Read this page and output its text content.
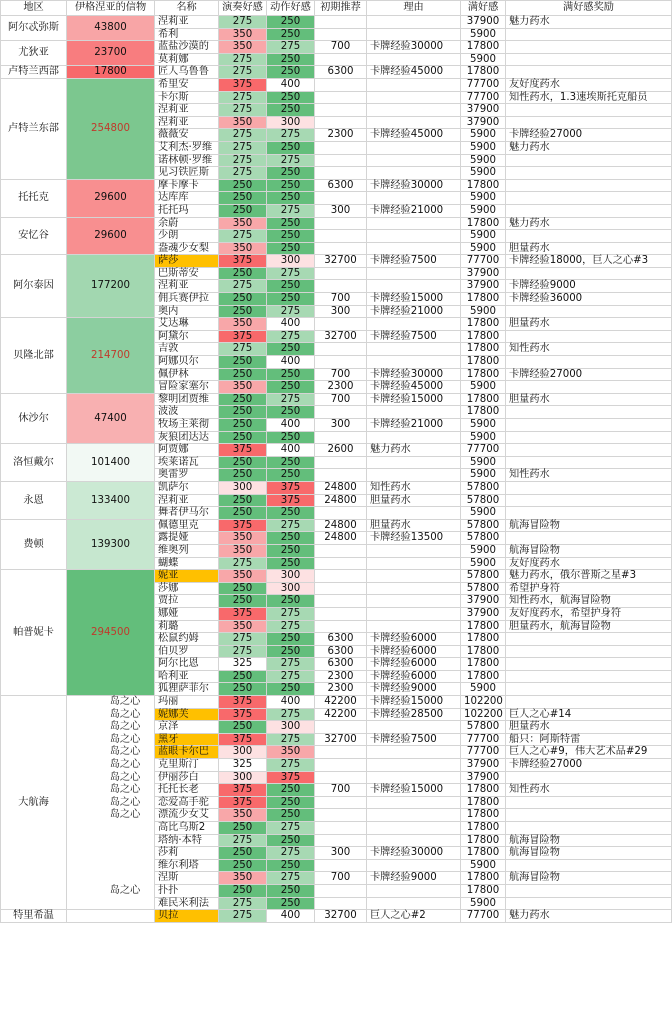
地区	伊格涅亚的信物	名称	演奏好感	动作好感	初期推荐	理由	满好感	满好感奖励
阿尔忒弥斯	43800	涅莉亚	275	250			37900	魅力药水
		希利	350	250			5900	
尤狄亚	23700	蓝盐沙漠的	350	275	700	卡牌经验30000	17800	
		莫莉娜	275	250			5900	
卢特兰西部	17800	匠人乌鲁鲁	275	250	6300	卡牌经验45000	17800	
卢特兰东部	254800	希里安	375	400			77700	友好度药水
		卡尔斯	275	250			77700	知性药水，1.3速埃斯托克船员
		涅莉亚	275	250			37900	
		涅莉亚	350	300			37900	
		薇薇安	275	275	2300	卡牌经验45000	5900	卡牌经验27000
		艾利杰·罗维	275	250			5900	魅力药水
		诺林顿·罗维	275	275			5900	
		见习铁匠斯	275	250			5900	
托托克	29600	摩卡摩卡	250	250	6300	卡牌经验30000	17800	
		达库库	250	250			5900	
		托托玛	250	275	300	卡牌经验21000	5900	
安忆谷	29600	余蔚	350	250			17800	魅力药水
		少朗	275	250			5900	
		盎魂少女梨	350	250			5900	胆量药水
阿尔泰因	177200	萨莎	375	300	32700	卡牌经验7500	77700	卡牌经验18000，巨人之心#3
		巴斯蒂安	250	275			37900	
		涅莉亚	275	250			37900	卡牌经验9000
		佣兵赛伊拉	250	250	700	卡牌经验15000	17800	卡牌经验36000
		奥内	250	275	300	卡牌经验21000	5900	
贝隆北部	214700	艾达琳	350	400			17800	胆量药水
		阿黛尔	375	275	32700	卡牌经验7500	17800	
		吉敦	275	250			17800	知性药水
		阿娜贝尔	250	400			17800	
		佩伊林	250	250	700	卡牌经验30000	17800	卡牌经验27000
		冒险家塞尔	350	250	2300	卡牌经验45000	5900	
休沙尔	47400	黎明团贾维	250	275	700	卡牌经验15000	17800	胆量药水
		波波	250	250			17800	
		牧场主莱彻	250	400	300	卡牌经验21000	5900	
		灰狼团达达	250	250			5900	
洛恒戴尔	101400	阿贾娜	375	400	2600	魅力药水	77700	
		埃莱诺瓦	250	250			5900	
		奥雷罗	250	250			5900	知性药水
永恩	133400	凯萨尔	300	375	24800	知性药水	57800	
		涅莉亚	250	375	24800	胆量药水	57800	
		舞者伊马尔	250	250			5900	
费顿	139300	佩德里克	375	275	24800	胆量药水	57800	航海冒险物
		露提娅	350	250	24800	卡牌经验13500	57800	
		维奥列	350	250			5900	航海冒险物
		蝴蝶	275	250			5900	友好度药水
帕普妮卡	294500	妮亚	350	300			57800	魅力药水，俄尔普斯之星#3
		莎娜	250	300			57800	希望护身符
		贾拉	250	250			37900	知性药水，航海冒险物
		娜娅	375	275			37900	友好度药水，希望护身符
		莉璐	350	275			17800	胆量药水，航海冒险物
		松鼠约姆	275	250	6300	卡牌经验6000	17800	
		伯贝罗	275	250	6300	卡牌经验6000	17800	
		阿尔比恩	325	275	6300	卡牌经验6000	17800	
		哈利亚	250	275	2300	卡牌经验6000	17800	
		狐狸萨菲尔	250	250	2300	卡牌经验9000	5900	
大航海		岛之心 玛丽	375	400	42200	卡牌经验15000	102200	

		岛之心 妮娜芙	375	275	42200	卡牌经验28500	102200	巨人之心#14

		岛之心 京泽	250	300			57800	胆量药水

		岛之心 黑牙	375	275	32700	卡牌经验7500	77700	船只：阿斯特雷

		岛之心 蓝眼卡尔巴	300	350			77700	巨人之心#9，伟大艺术品#29

		岛之心 克里斯汀	325	275			37900	卡牌经验27000

		岛之心 伊丽莎白	300	375			37900	

		岛之心 托托长老	375	250	700	卡牌经验15000	17800	知性药水

		岛之心 恋爱高手驼	375	250			17800	

		岛之心 漂流少女艾	350	250			17800	
		高比乌斯2	250	275			17800	
		塔纳·本特	275	250			17800	航海冒险物
		莎莉	250	275	300	卡牌经验30000	17800	航海冒险物
		维尔利塔	250	250			5900	
		涅斯	350	275	700	卡牌经验9000	17800	航海冒险物

		岛之心 扑扑	250	250			17800	
		难民米利法	275	250			5900	
特里希温		贝拉	275	400	32700	巨人之心#2	77700	魅力药水
